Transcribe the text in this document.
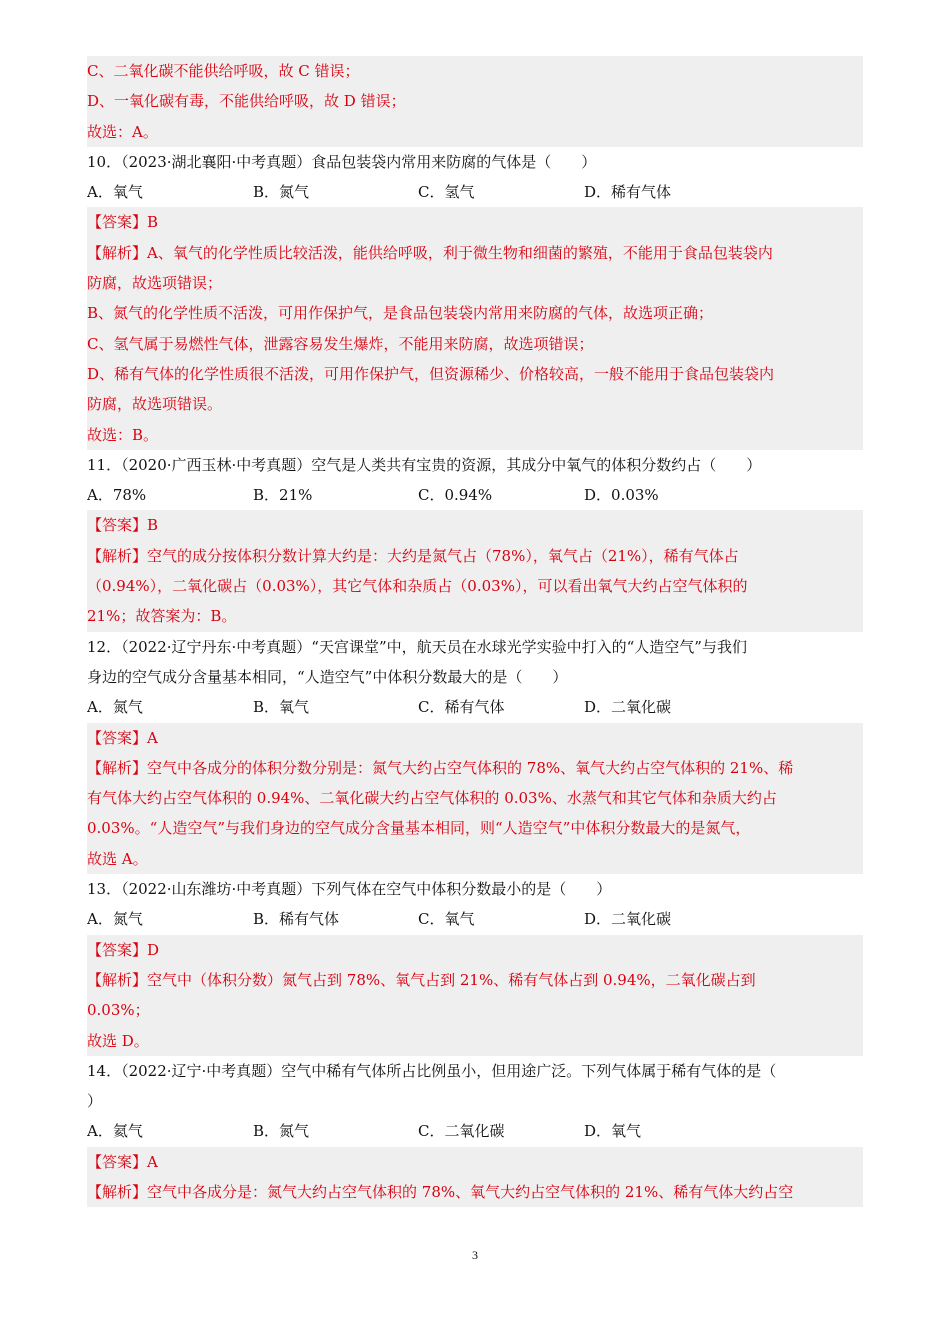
C、二氧化碳不能供给呼吸，故 C 错误；
D、一氧化碳有毒，不能供给呼吸，故 D 错误；
故选：A。
10．（2023·湖北襄阳·中考真题）食品包装袋内常用来防腐的气体是（　　）
A．氧气	B．氮气	C．氢气	D．稀有气体
【答案】B
【解析】A、氧气的化学性质比较活泼，能供给呼吸，利于微生物和细菌的繁殖，不能用于食品包装袋内
防腐，故选项错误；
B、氮气的化学性质不活泼，可用作保护气，是食品包装袋内常用来防腐的气体，故选项正确；
C、氢气属于易燃性气体，泄露容易发生爆炸，不能用来防腐，故选项错误；
D、稀有气体的化学性质很不活泼，可用作保护气，但资源稀少、价格较高，一般不能用于食品包装袋内
防腐，故选项错误。
故选：B。
11．（2020·广西玉林·中考真题）空气是人类共有宝贵的资源，其成分中氧气的体积分数约占（　　）
A．78%	B．21%	C．0.94%	D．0.03%
【答案】B
【解析】空气的成分按体积分数计算大约是：大约是氮气占（78%），氧气占（21%），稀有气体占
（0.94%），二氧化碳占（0.03%），其它气体和杂质占（0.03%），可以看出氧气大约占空气体积的
21%；故答案为：B。
12．（2022·辽宁丹东·中考真题）“天宫课堂”中，航天员在水球光学实验中打入的“人造空气”与我们
身边的空气成分含量基本相同，“人造空气”中体积分数最大的是（　　）
A．氮气	B．氧气	C．稀有气体	D．二氧化碳
【答案】A
【解析】空气中各成分的体积分数分别是：氮气大约占空气体积的 78%、氧气大约占空气体积的 21%、稀
有气体大约占空气体积的 0.94%、二氧化碳大约占空气体积的 0.03%、水蒸气和其它气体和杂质大约占
0.03%。“人造空气”与我们身边的空气成分含量基本相同，则“人造空气”中体积分数最大的是氮气，
故选 A。
13．（2022·山东潍坊·中考真题）下列气体在空气中体积分数最小的是（　　）
A．氮气	B．稀有气体	C．氧气	D．二氧化碳
【答案】D
【解析】空气中（体积分数）氮气占到 78%、氧气占到 21%、稀有气体占到 0.94%，二氧化碳占到
0.03%；
故选 D。
14．（2022·辽宁·中考真题）空气中稀有气体所占比例虽小，但用途广泛。下列气体属于稀有气体的是（
）
A．氦气	B．氮气	C．二氧化碳	D．氧气
【答案】A
【解析】空气中各成分是：氮气大约占空气体积的 78%、氧气大约占空气体积的 21%、稀有气体大约占空
3
